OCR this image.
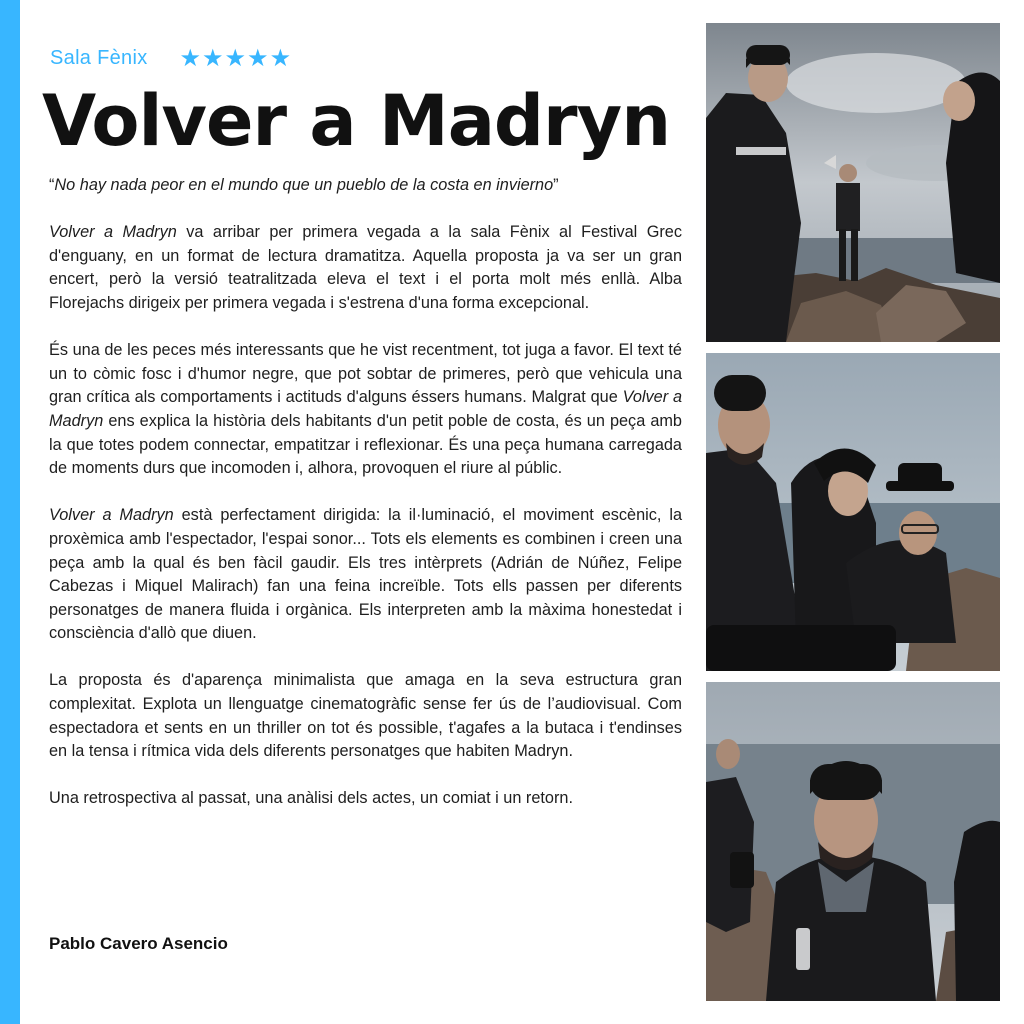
Sala Fènix ★★★★★
Volver a Madryn

“No hay nada peor en el mundo que un pueblo de la costa en invierno”

Volver a Madryn va arribar per primera vegada a la sala Fènix al Festival Grec d'enguany, en un format de lectura dramatitza. Aquella proposta ja va ser un gran encert, però la versió teatralitzada eleva el text i el porta molt més enllà. Alba Florejachs dirigeix per primera vegada i s'estrena d'una forma excepcional.

És una de les peces més interessants que he vist recentment, tot juga a favor. El text té un to còmic fosc i d'humor negre, que pot sobtar de primeres, però que vehicula una gran crítica als comportaments i actituds d'alguns éssers humans. Malgrat que Volver a Madryn ens explica la història dels habitants d'un petit poble de costa, és un peça amb la que totes podem connectar, empatitzar i reflexionar. És una peça humana carregada de moments durs que incomoden i, alhora, provoquen el riure al públic.

Volver a Madryn està perfectament dirigida: la il·luminació, el moviment escènic, la proxèmica amb l'espectador, l'espai sonor... Tots els elements es combinen i creen una peça amb la qual és ben fàcil gaudir. Els tres intèrprets (Adrián de Núñez, Felipe Cabezas i Miquel Malirach) fan una feina increïble. Tots ells passen per diferents personatges de manera fluida i orgànica. Els interpreten amb la màxima honestedat i consciència d'allò que diuen.

La proposta és d'aparença minimalista que amaga en la seva estructura gran complexitat. Explota un llenguatge cinematogràfic sense fer ús de l’audiovisual. Com espectadora et sents en un thriller on tot és possible, t'agafes a la butaca i t'endinses en la tensa i rítmica vida dels diferents personatges que habiten Madryn.

Una retrospectiva al passat, una anàlisi dels actes, un comiat i un retorn.

Pablo Cavero Asencio
